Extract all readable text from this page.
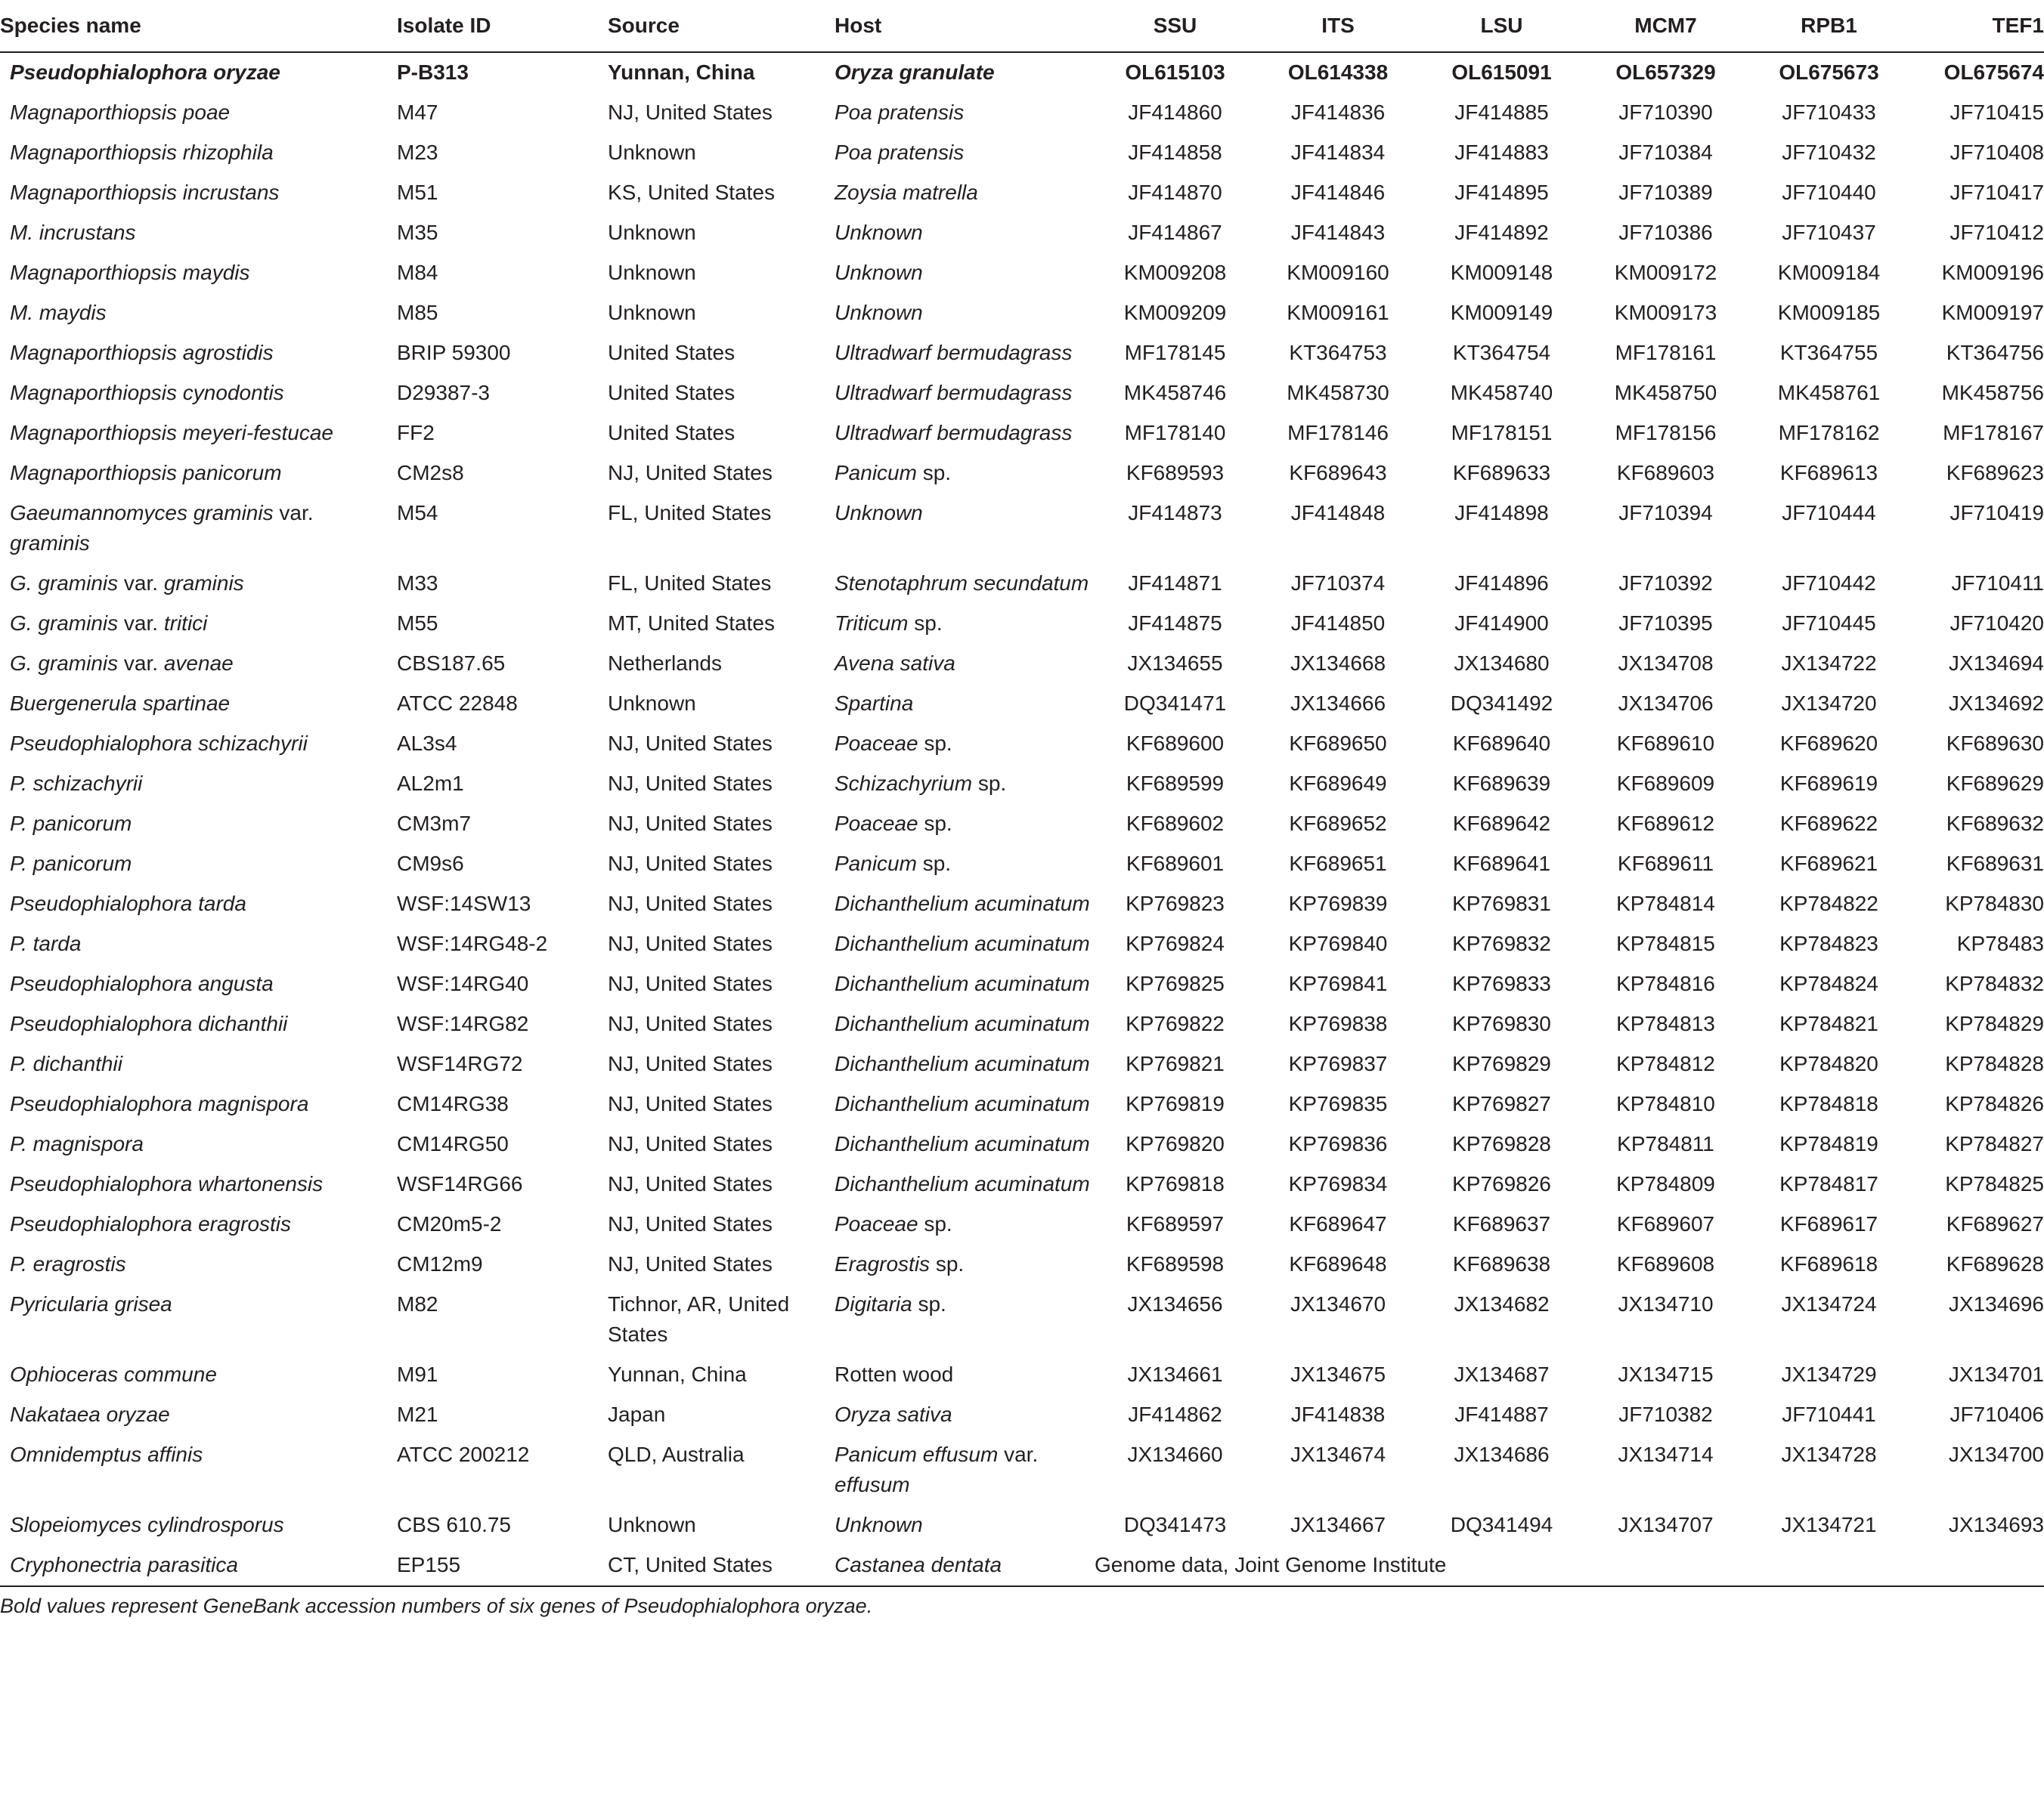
Species name	Isolate ID	Source	Host	SSU	ITS	LSU	MCM7	RPB1	TEF1
Pseudophialophora oryzae	P-B313	Yunnan, China	Oryza granulate	OL615103	OL614338	OL615091	OL657329	OL675673	OL675674
Magnaporthiopsis poae	M47	NJ, United States	Poa pratensis	JF414860	JF414836	JF414885	JF710390	JF710433	JF710415
Magnaporthiopsis rhizophila	M23	Unknown	Poa pratensis	JF414858	JF414834	JF414883	JF710384	JF710432	JF710408
Magnaporthiopsis incrustans	M51	KS, United States	Zoysia matrella	JF414870	JF414846	JF414895	JF710389	JF710440	JF710417
M. incrustans	M35	Unknown	Unknown	JF414867	JF414843	JF414892	JF710386	JF710437	JF710412
Magnaporthiopsis maydis	M84	Unknown	Unknown	KM009208	KM009160	KM009148	KM009172	KM009184	KM009196
M. maydis	M85	Unknown	Unknown	KM009209	KM009161	KM009149	KM009173	KM009185	KM009197
Magnaporthiopsis agrostidis	BRIP 59300	United States	Ultradwarf bermudagrass	MF178145	KT364753	KT364754	MF178161	KT364755	KT364756
Magnaporthiopsis cynodontis	D29387-3	United States	Ultradwarf bermudagrass	MK458746	MK458730	MK458740	MK458750	MK458761	MK458756
Magnaporthiopsis meyeri-festucae	FF2	United States	Ultradwarf bermudagrass	MF178140	MF178146	MF178151	MF178156	MF178162	MF178167
Magnaporthiopsis panicorum	CM2s8	NJ, United States	Panicum sp.	KF689593	KF689643	KF689633	KF689603	KF689613	KF689623
Gaeumannomyces graminis var. graminis	M54	FL, United States	Unknown	JF414873	JF414848	JF414898	JF710394	JF710444	JF710419
G. graminis var. graminis	M33	FL, United States	Stenotaphrum secundatum	JF414871	JF710374	JF414896	JF710392	JF710442	JF710411
G. graminis var. tritici	M55	MT, United States	Triticum sp.	JF414875	JF414850	JF414900	JF710395	JF710445	JF710420
G. graminis var. avenae	CBS187.65	Netherlands	Avena sativa	JX134655	JX134668	JX134680	JX134708	JX134722	JX134694
Buergenerula spartinae	ATCC 22848	Unknown	Spartina	DQ341471	JX134666	DQ341492	JX134706	JX134720	JX134692
Pseudophialophora schizachyrii	AL3s4	NJ, United States	Poaceae sp.	KF689600	KF689650	KF689640	KF689610	KF689620	KF689630
P. schizachyrii	AL2m1	NJ, United States	Schizachyrium sp.	KF689599	KF689649	KF689639	KF689609	KF689619	KF689629
P. panicorum	CM3m7	NJ, United States	Poaceae sp.	KF689602	KF689652	KF689642	KF689612	KF689622	KF689632
P. panicorum	CM9s6	NJ, United States	Panicum sp.	KF689601	KF689651	KF689641	KF689611	KF689621	KF689631
Pseudophialophora tarda	WSF:14SW13	NJ, United States	Dichanthelium acuminatum	KP769823	KP769839	KP769831	KP784814	KP784822	KP784830
P. tarda	WSF:14RG48-2	NJ, United States	Dichanthelium acuminatum	KP769824	KP769840	KP769832	KP784815	KP784823	KP78483
Pseudophialophora angusta	WSF:14RG40	NJ, United States	Dichanthelium acuminatum	KP769825	KP769841	KP769833	KP784816	KP784824	KP784832
Pseudophialophora dichanthii	WSF:14RG82	NJ, United States	Dichanthelium acuminatum	KP769822	KP769838	KP769830	KP784813	KP784821	KP784829
P. dichanthii	WSF14RG72	NJ, United States	Dichanthelium acuminatum	KP769821	KP769837	KP769829	KP784812	KP784820	KP784828
Pseudophialophora magnispora	CM14RG38	NJ, United States	Dichanthelium acuminatum	KP769819	KP769835	KP769827	KP784810	KP784818	KP784826
P. magnispora	CM14RG50	NJ, United States	Dichanthelium acuminatum	KP769820	KP769836	KP769828	KP784811	KP784819	KP784827
Pseudophialophora whartonensis	WSF14RG66	NJ, United States	Dichanthelium acuminatum	KP769818	KP769834	KP769826	KP784809	KP784817	KP784825
Pseudophialophora eragrostis	CM20m5-2	NJ, United States	Poaceae sp.	KF689597	KF689647	KF689637	KF689607	KF689617	KF689627
P. eragrostis	CM12m9	NJ, United States	Eragrostis sp.	KF689598	KF689648	KF689638	KF689608	KF689618	KF689628
Pyricularia grisea	M82	Tichnor, AR, United States	Digitaria sp.	JX134656	JX134670	JX134682	JX134710	JX134724	JX134696
Ophioceras commune	M91	Yunnan, China	Rotten wood	JX134661	JX134675	JX134687	JX134715	JX134729	JX134701
Nakataea oryzae	M21	Japan	Oryza sativa	JF414862	JF414838	JF414887	JF710382	JF710441	JF710406
Omnidemptus affinis	ATCC 200212	QLD, Australia	Panicum effusum var. effusum	JX134660	JX134674	JX134686	JX134714	JX134728	JX134700
Slopeiomyces cylindrosporus	CBS 610.75	Unknown	Unknown	DQ341473	JX134667	DQ341494	JX134707	JX134721	JX134693
Cryphonectria parasitica	EP155	CT, United States	Castanea dentata	Genome data, Joint Genome Institute					
Bold values represent GeneBank accession numbers of six genes of Pseudophialophora oryzae.
